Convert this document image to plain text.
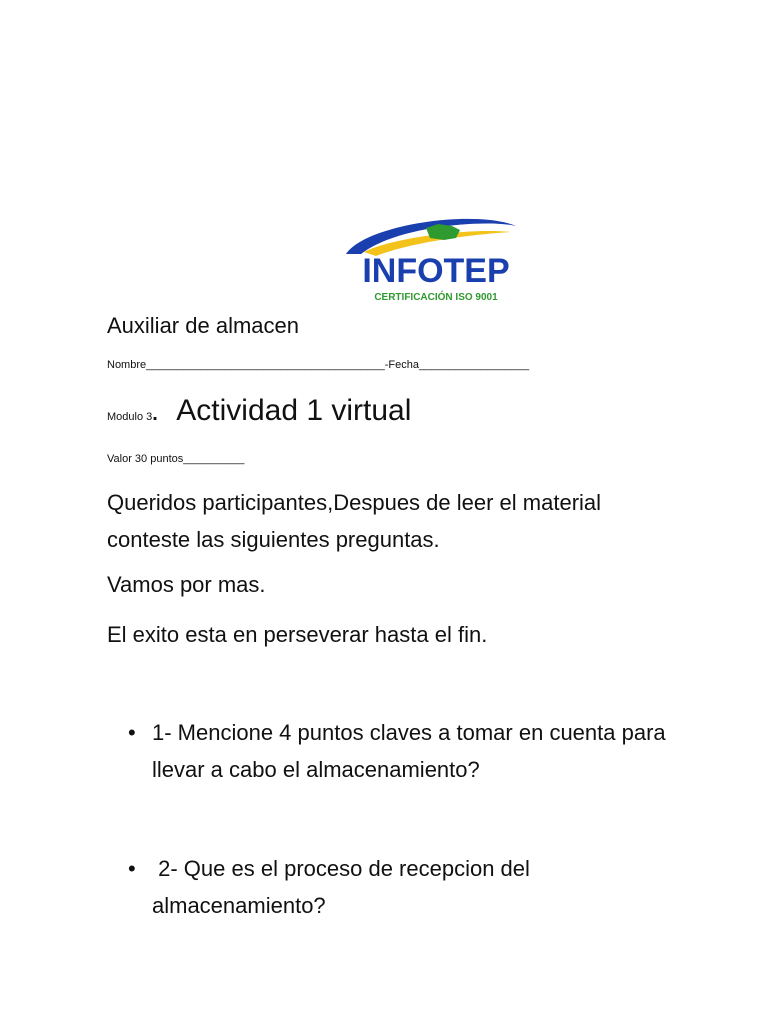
INFOTEP
CERTIFICACIÓN ISO 9001
Auxiliar de almacen
Nombre_______________________________________-Fecha__________________
Modulo 3. Actividad 1 virtual
Valor 30 puntos__________
Queridos participantes,Despues de leer el material conteste las siguientes preguntas.
Vamos por mas.
El exito esta en perseverar hasta el fin.
• 1- Mencione 4 puntos claves a tomar en cuenta para llevar a cabo el almacenamiento?
• 2- Que es el proceso de recepcion del almacenamiento?
